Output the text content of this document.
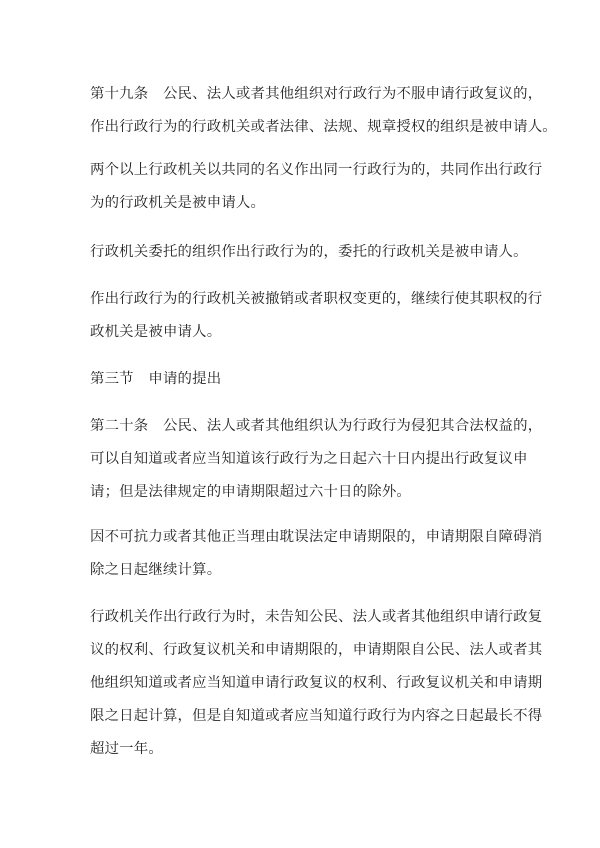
第十九条　公民、法人或者其他组织对行政行为不服申请行政复议的，
作出行政行为的行政机关或者法律、法规、规章授权的组织是被申请人。
两个以上行政机关以共同的名义作出同一行政行为的，共同作出行政行
为的行政机关是被申请人。
行政机关委托的组织作出行政行为的，委托的行政机关是被申请人。
作出行政行为的行政机关被撤销或者职权变更的，继续行使其职权的行
政机关是被申请人。
第三节　申请的提出
第二十条　公民、法人或者其他组织认为行政行为侵犯其合法权益的，
可以自知道或者应当知道该行政行为之日起六十日内提出行政复议申
请；但是法律规定的申请期限超过六十日的除外。
因不可抗力或者其他正当理由耽误法定申请期限的，申请期限自障碍消
除之日起继续计算。
行政机关作出行政行为时，未告知公民、法人或者其他组织申请行政复
议的权利、行政复议机关和申请期限的，申请期限自公民、法人或者其
他组织知道或者应当知道申请行政复议的权利、行政复议机关和申请期
限之日起计算，但是自知道或者应当知道行政行为内容之日起最长不得
超过一年。
